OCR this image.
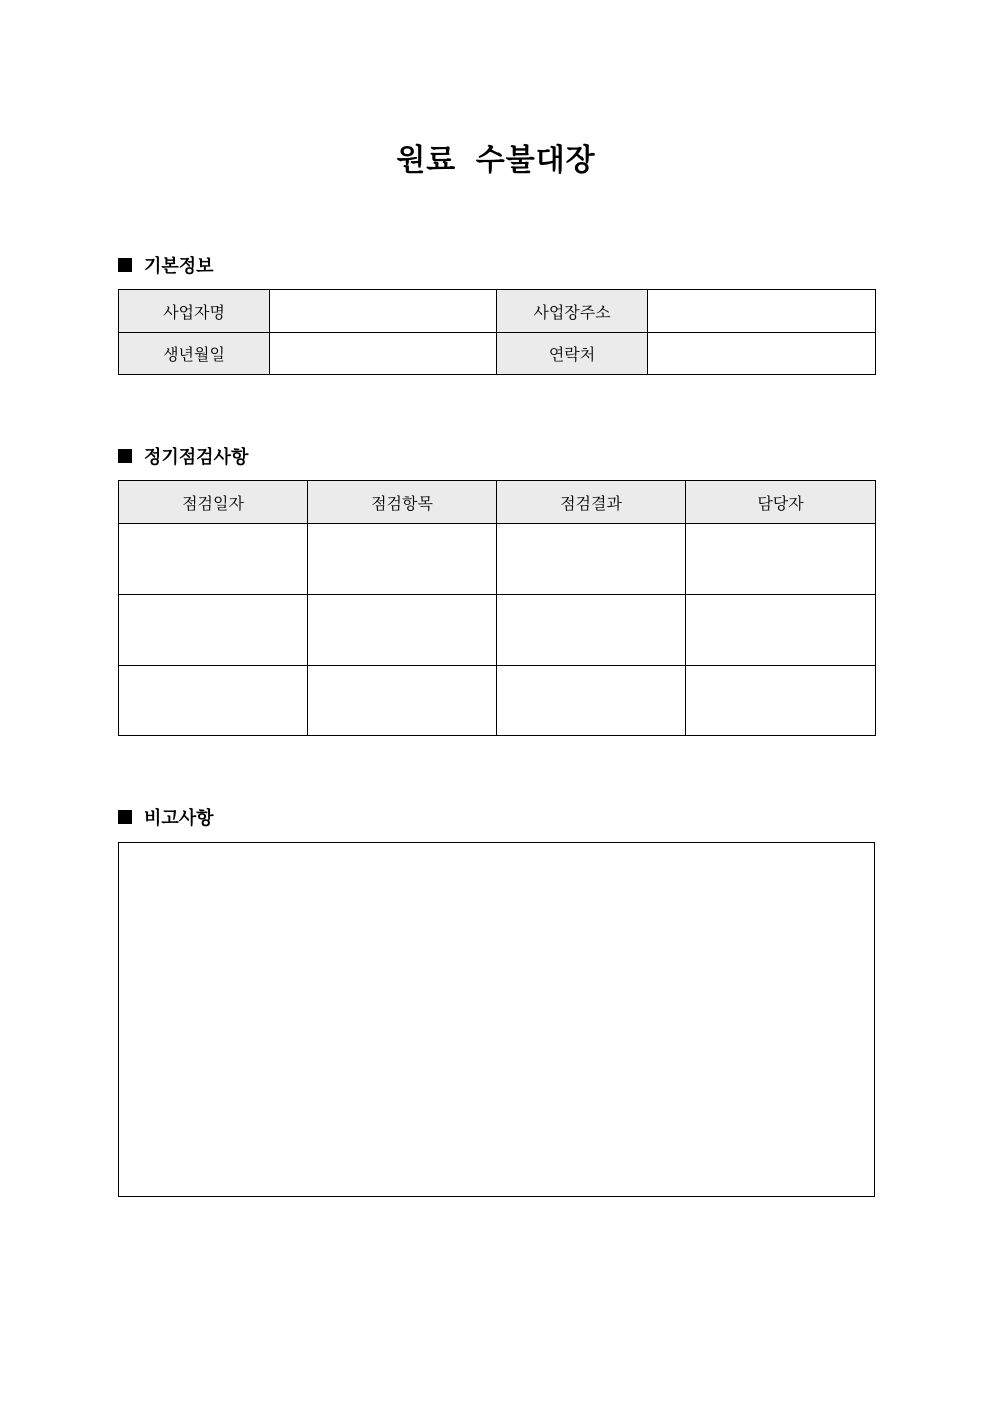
원료 수불대장
기본정보
사업자명		사업장주소	
생년월일		연락처	
정기점검사항
점검일자	점검항목	점검결과	담당자

비고사항
